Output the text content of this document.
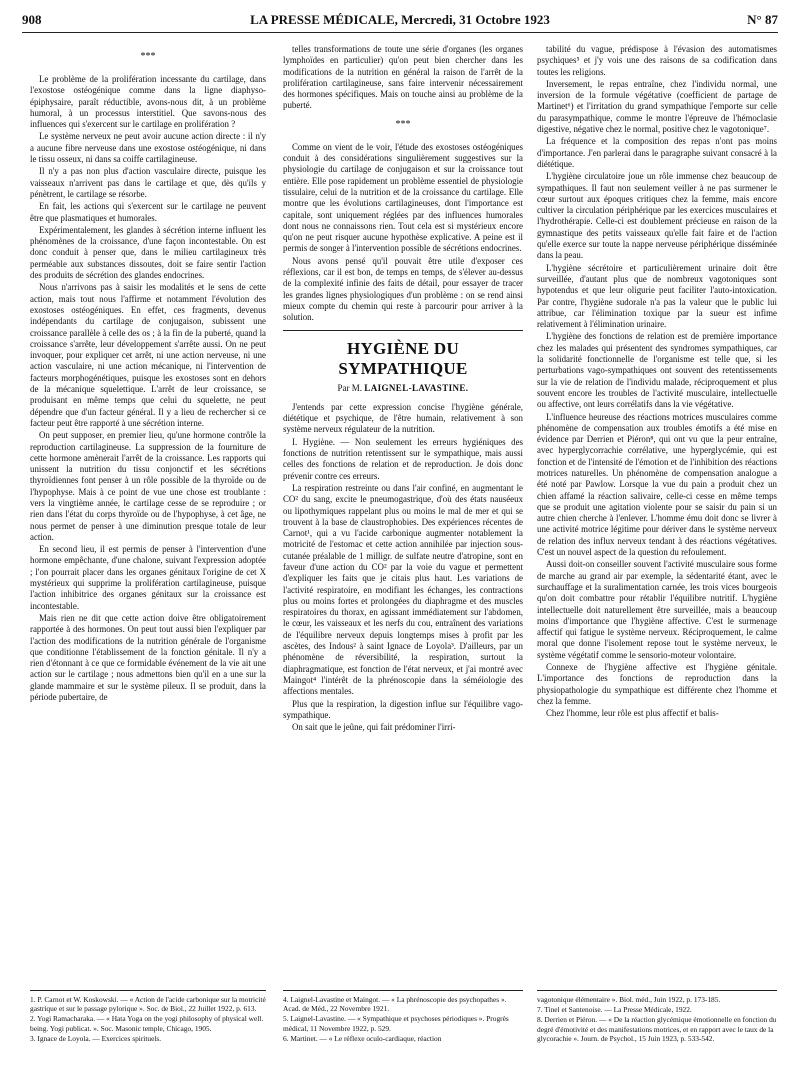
908	LA PRESSE MÉDICALE, Mercredi, 31 Octobre 1923	N° 87
***

Le problème de la prolifération incessante du cartilage, dans l'exostose ostéogénique comme dans la ligne diaphyso-épiphysaire, paraît réductible, avons-nous dit, à un problème humoral, à un processus interstitiel. Que savons-nous des influences qui s'exercent sur le cartilage en prolifération ?

Le système nerveux ne peut avoir aucune action directe : il n'y a aucune fibre nerveuse dans une exostose ostéogénique, ni dans le tissu osseux, ni dans sa coiffe cartilagineuse.

Il n'y a pas non plus d'action vasculaire directe, puisque les vaisseaux n'arrivent pas dans le cartilage et que, dès qu'ils y pénètrent, le cartilage se résorbe.

En fait, les actions qui s'exercent sur le cartilage ne peuvent être que plasmatiques et humorales.

Expérimentalement, les glandes à sécrétion interne influent les phénomènes de la croissance, d'une façon incontestable. On est donc conduit à penser que, dans le milieu cartilagineux très perméable aux substances dissoutes, doit se faire sentir l'action des produits de sécrétion des glandes endocrines.

Nous n'arrivons pas à saisir les modalités et le sens de cette action, mais tout nous l'affirme et notamment l'évolution des exostoses ostéogéniques. En effet, ces fragments, devenus indépendants du cartilage de conjugaison, subissent une croissance parallèle à celle des os ; à la fin de la puberté, quand la croissance s'arrête, leur développement s'arrête aussi. On ne peut invoquer, pour expliquer cet arrêt, ni une action nerveuse, ni une action vasculaire, ni une action mécanique, ni l'intervention de facteurs morphogénétiques, puisque les exostoses sont en dehors de la mécanique squelettique. L'arrêt de leur croissance, se produisant en même temps que celui du squelette, ne peut dépendre que d'un facteur général. Il y a lieu de rechercher si ce facteur peut être rapporté à une sécrétion interne.

On peut supposer, en premier lieu, qu'une hormone contrôle la reproduction cartilagineuse. La suppression de la fourniture de cette hormone amènerait l'arrêt de la croissance. Les rapports qui unissent la nutrition du tissu conjonctif et les sécrétions thyroïdiennes font penser à un rôle possible de la thyroïde ou de l'hypophyse. Mais à ce point de vue une chose est troublante : vers la vingtième année, le cartilage cesse de se reproduire ; or rien dans l'état du corps thyroïde ou de l'hypophyse, à cet âge, ne nous permet de penser à une diminution presque totale de leur action.

En second lieu, il est permis de penser à l'intervention d'une hormone empêchante, d'une chalone, suivant l'expression adoptée ; l'on pourrait placer dans les organes génitaux l'origine de cet X mystérieux qui supprime la prolifération cartilagineuse, puisque l'action inhibitrice des organes génitaux sur la croissance est incontestable.

Mais rien ne dit que cette action doive être obligatoirement rapportée à des hormones. On peut tout aussi bien l'expliquer par l'action des modifications de la nutrition générale de l'organisme que conditionne l'établissement de la fonction génitale. Il n'y a rien d'étonnant à ce que ce formidable événement de la vie ait une action sur le cartilage ; nous admettons bien qu'il en a une sur la glande mammaire et sur le système pileux. Il se produit, dans la période pubertaire, de

telles transformations de toute une série d'organes (les organes lymphoïdes en particulier) qu'on peut bien chercher dans les modifications de la nutrition en général la raison de l'arrêt de la prolifération cartilagineuse, sans faire intervenir nécessairement des hormones spécifiques. Mais on touche ainsi au problème de la puberté.

***

Comme on vient de le voir, l'étude des exostoses ostéogéniques conduit à des considérations singulièrement suggestives sur la physiologie du cartilage de conjugaison et sur la croissance tout entière. Elle pose rapidement un problème essentiel de physiologie tissulaire, celui de la nutrition et de la croissance du cartilage. Elle montre que les évolutions cartilagineuses, dont l'importance est capitale, sont uniquement réglées par des influences humorales dont nous ne connaissons rien. Tout cela est si mystérieux encore qu'on ne peut risquer aucune hypothèse explicative. A peine est il permis de songer à l'intervention possible de sécrétions endocrines.

Nous avons pensé qu'il pouvait être utile d'exposer ces réflexions, car il est bon, de temps en temps, de s'élever au-dessus de la complexité infinie des faits de détail, pour essayer de tracer les grandes lignes physiologiques d'un problème : on se rend ainsi mieux compte du chemin qui reste à parcourir pour arriver à la solution.

HYGIÈNE DU SYMPATHIQUE
Par M. LAIGNEL-LAVASTINE.

J'entends par cette expression concise l'hygiène générale, diététique et psychique, de l'être humain, relativement à son système nerveux régulateur de la nutrition.

I. Hygiène. — Non seulement les erreurs hygiéniques des fonctions de nutrition retentissent sur le sympathique, mais aussi celles des fonctions de relation et de reproduction. Je dois donc prévenir contre ces erreurs.

La respiration restreinte ou dans l'air confiné, en augmentant le CO² du sang, excite le pneumogastrique, d'où des états nauséeux ou lipothymiques rappelant plus ou moins le mal de mer et qui se trouvent à la base de claustrophobies. Des expériences récentes de Carnot¹, qui a vu l'acide carbonique augmenter notablement la motricité de l'estomac et cette action annihilée par injection sous-cutanée préalable de 1 milligr. de sulfate neutre d'atropine, sont en faveur d'une action du CO² par la voie du vague et permettent d'expliquer les faits que je citais plus haut. Les variations de l'activité respiratoire, en modifiant les échanges, les contractions plus ou moins fortes et prolongées du diaphragme et des muscles respiratoires du thorax, en agissant immédiatement sur l'abdomen, le cœur, les vaisseaux et les nerfs du cou, entraînent des variations de l'équilibre nerveux depuis longtemps mises à profit par les ascètes, des Indous² à saint Ignace de Loyola³. D'ailleurs, par un phénomène de réversibilité, la respiration, surtout la diaphragmatique, est fonction de l'état nerveux, et j'ai montré avec Maingot⁴ l'intérêt de la phrénoscopie dans la séméiologie des affections mentales.

Plus que la respiration, la digestion influe sur l'équilibre vago-sympathique.

On sait que le jeûne, qui fait prédominer l'irri-

tabilité du vague, prédispose à l'évasion des automatismes psychiques⁵ et j'y vois une des raisons de sa codification dans toutes les religions.

Inversement, le repas entraîne, chez l'individu normal, une inversion de la formule végétative (coefficient de partage de Martinet⁶) et l'irritation du grand sympathique l'emporte sur celle du parasympathique, comme le montre l'épreuve de l'hémoclasie digestive, négative chez le normal, positive chez le vagotonique⁷.

La fréquence et la composition des repas n'ont pas moins d'importance. J'en parlerai dans le paragraphe suivant consacré à la diététique.

L'hygiène circulatoire joue un rôle immense chez beaucoup de sympathiques. Il faut non seulement veiller à ne pas surmener le cœur surtout aux époques critiques chez la femme, mais encore cultiver la circulation périphérique par les exercices musculaires et l'hydrothérapie. Celle-ci est doublement précieuse en raison de la gymnastique des petits vaisseaux qu'elle fait faire et de l'action qu'elle exerce sur toute la nappe nerveuse périphérique disséminée dans la peau.

L'hygiène sécrétoire et particulièrement urinaire doit être surveillée, d'autant plus que de nombreux vagotoniques sont hypotendus et que leur oligurie peut faciliter l'auto-intoxication. Par contre, l'hygiène sudorale n'a pas la valeur que le public lui attribue, car l'élimination toxique par la sueur est infime relativement à l'élimination urinaire.

L'hygiène des fonctions de relation est de première importance chez les malades qui présentent des syndromes sympathiques, car la solidarité fonctionnelle de l'organisme est telle que, si les perturbations vago-sympathiques ont souvent des retentissements sur la vie de relation de l'individu malade, réciproquement et plus souvent encore les troubles de l'activité musculaire, intellectuelle ou affective, ont leurs corrélatifs dans la vie végétative.

L'influence heureuse des réactions motrices musculaires comme phénomène de compensation aux troubles émotifs a été mise en évidence par Derrien et Piéron⁸, qui ont vu que la peur entraîne, avec hyperglycorrachie corrélative, une hyperglycémie, qui est fonction et de l'intensité de l'émotion et de l'inhibition des réactions motrices naturelles. Un phénomène de compensation analogue a été noté par Pawlow. Lorsque la vue du pain a produit chez un chien affamé la réaction salivaire, celle-ci cesse en même temps que se produit une agitation violente pour se saisir du pain si un autre chien cherche à l'enlever. L'homme ému doit donc se livrer à une activité motrice légitime pour dériver dans le système nerveux de relation des influx nerveux tendant à des réactions végétatives. C'est un nouvel aspect de la question du refoulement.

Aussi doit-on conseiller souvent l'activité musculaire sous forme de marche au grand air par exemple, la sédentarité étant, avec le surchauffage et la suralimentation carnée, les trois vices bourgeois qu'on doit combattre pour rétablir l'équilibre nutritif. L'hygiène intellectuelle doit naturellement être surveillée, mais a beaucoup moins d'importance que l'hygiène affective. C'est le surmenage affectif qui fatigue le système nerveux. Réciproquement, le calme moral que donne l'isolement repose tout le système nerveux, le système végétatif comme le sensorio-moteur volontaire.

Connexe de l'hygiène affective est l'hygiène génitale. L'importance des fonctions de reproduction dans la physiopathologie du sympathique est différente chez l'homme et chez la femme.

Chez l'homme, leur rôle est plus affectif et balis-

1. P. Carnot et W. Koskowski. — « Action de l'acide carbonique sur la motricité gastrique et sur le passage pylorique ». Soc. de Biol., 22 Juillet 1922, p. 613.
2. Yogi Ramacharaka. — « Hata Yoga on the yogi philosophy of physical well. being. Yogi publicat. ». Soc. Masonic temple, Chicago, 1905.
3. Ignace de Loyola. — Exercices spirituels.
4. Laignel-Lavastine et Maingot. — « La phrénoscopie des psychopathes ». Acad. de Méd., 22 Novembre 1921.
5. Laignel-Lavastine. — « Sympathique et psychoses périodiques ». Progrès médical, 11 Novembre 1922, p. 529.
6. Martinet. — « Le réflexe oculo-cardiaque, réaction
vagotonique élémentaire ». Biol. méd., Juin 1922, p. 173-185.
7. Tinel et Santenoise. — La Presse Médicale, 1922.
8. Derrien et Piéron. — « De la réaction glycémique émotionnelle en fonction du degré d'émotivité et des manifestations motrices, et en rapport avec le taux de la glycorachie ». Journ. de Psychol., 15 Juin 1923, p. 533-542.
